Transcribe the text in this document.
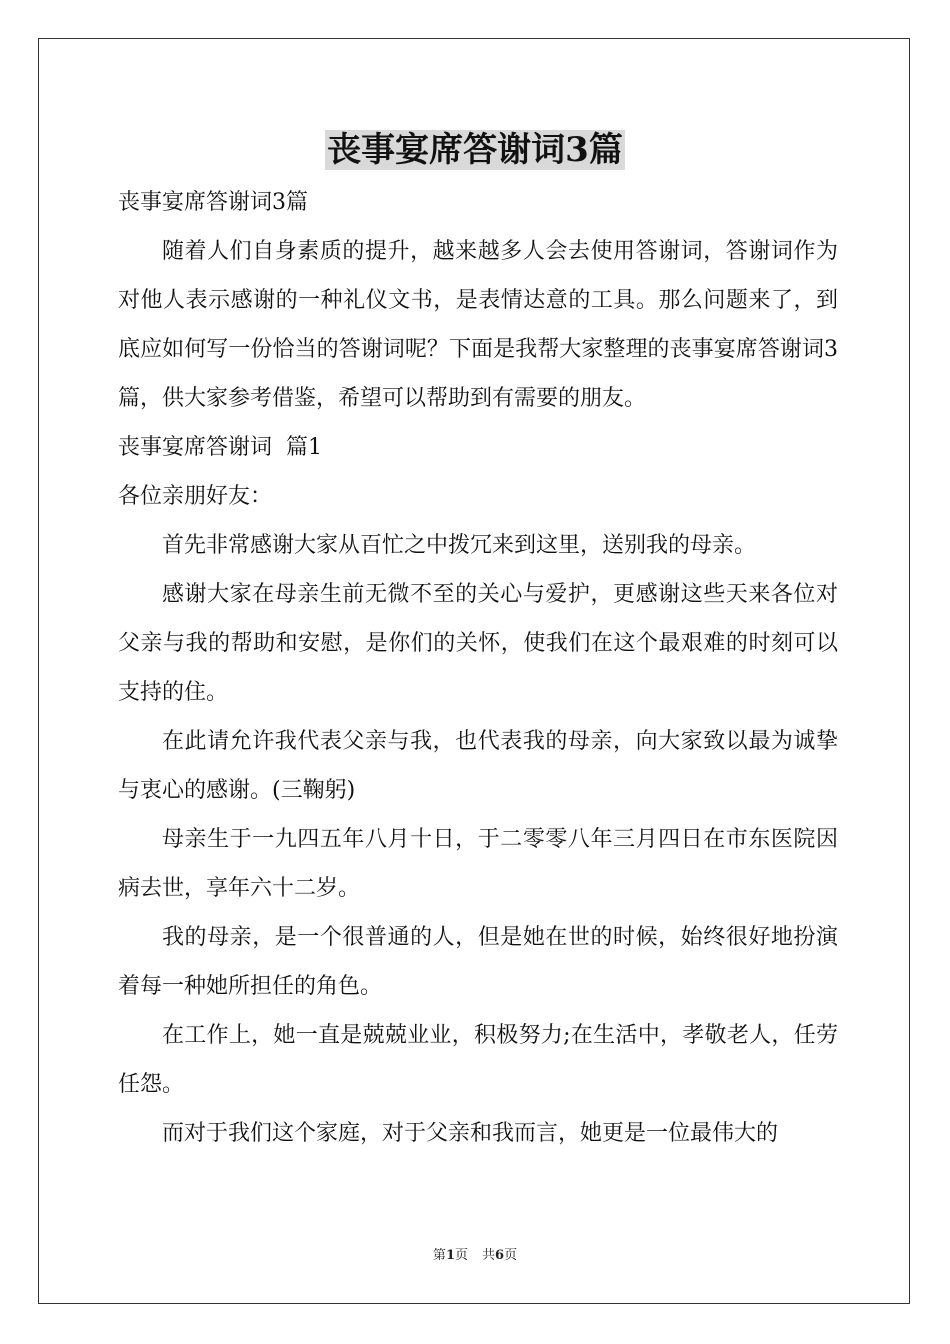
丧事宴席答谢词3篇

丧事宴席答谢词3篇

随着人们自身素质的提升，越来越多人会去使用答谢词，答谢词作为对他人表示感谢的一种礼仪文书，是表情达意的工具。那么问题来了，到底应如何写一份恰当的答谢词呢？下面是我帮大家整理的丧事宴席答谢词3篇，供大家参考借鉴，希望可以帮助到有需要的朋友。

丧事宴席答谢词  篇1

各位亲朋好友：

首先非常感谢大家从百忙之中拨冗来到这里，送别我的母亲。

感谢大家在母亲生前无微不至的关心与爱护，更感谢这些天来各位对父亲与我的帮助和安慰，是你们的关怀，使我们在这个最艰难的时刻可以支持的住。

在此请允许我代表父亲与我，也代表我的母亲，向大家致以最为诚挚与衷心的感谢。(三鞠躬)

母亲生于一九四五年八月十日，于二零零八年三月四日在市东医院因病去世，享年六十二岁。

我的母亲，是一个很普通的人，但是她在世的时候，始终很好地扮演着每一种她所担任的角色。

在工作上，她一直是兢兢业业，积极努力;在生活中，孝敬老人，任劳任怨。

而对于我们这个家庭，对于父亲和我而言，她更是一位最伟大的

第1页 共6页
